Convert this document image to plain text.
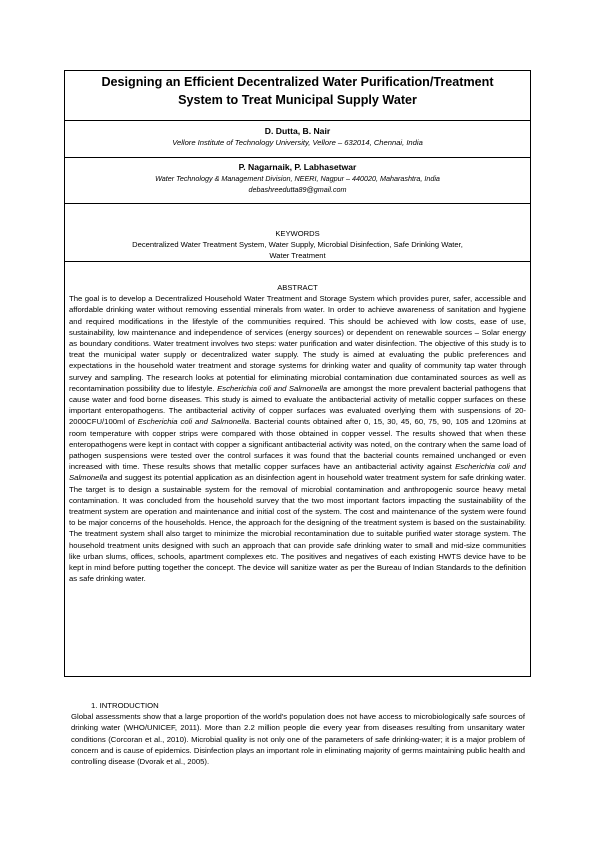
Designing an Efficient Decentralized Water Purification/Treatment
System to Treat Municipal Supply Water
D. Dutta, B. Nair
Vellore Institute of Technology University, Vellore – 632014, Chennai, India
P. Nagarnaik, P. Labhasetwar
Water Technology & Management Division, NEERI, Nagpur – 440020, Maharashtra, India
debashreedutta89@gmail.com
KEYWORDS
Decentralized Water Treatment System, Water Supply, Microbial Disinfection, Safe Drinking Water,
Water Treatment
ABSTRACT

The goal is to develop a Decentralized Household Water Treatment and Storage System which provides purer, safer, accessible and affordable drinking water without removing essential minerals from water. In order to achieve awareness of sanitation and hygiene and required modifications in the lifestyle of the communities required. This should be achieved with low costs, ease of use, sustainability, low maintenance and independence of services (energy sources) or dependent on renewable sources – Solar energy as boundary conditions. Water treatment involves two steps: water purification and water disinfection. The objective of this study is to treat the municipal water supply or decentralized water supply. The study is aimed at evaluating the public preferences and expectations in the household water treatment and storage systems for drinking water and quality of community tap water through survey and sampling. The research looks at potential for eliminating microbial contamination due contaminated sources as well as recontamination possibility due to lifestyle. Escherichia coli and Salmonella are amongst the more prevalent bacterial pathogens that cause water and food borne diseases. This study is aimed to evaluate the antibacterial activity of metallic copper surfaces on these important enteropathogens. The antibacterial activity of copper surfaces was evaluated overlying them with suspensions of 20-2000CFU/100ml of Escherichia coli and Salmonella. Bacterial counts obtained after 0, 15, 30, 45, 60, 75, 90, 105 and 120mins at room temperature with copper strips were compared with those obtained in copper vessel. The results showed that when these enteropathogens were kept in contact with copper a significant antibacterial activity was noted, on the contrary when the same load of pathogen suspensions were tested over the control surfaces it was found that the bacterial counts remained unchanged or even increased with time. These results shows that metallic copper surfaces have an antibacterial activity against Escherichia coli and Salmonella and suggest its potential application as an disinfection agent in household water treatment system for safe drinking water. The target is to design a sustainable system for the removal of microbial contamination and anthropogenic source heavy metal contamination. It was concluded from the household survey that the two most important factors impacting the sustainability of the treatment system are operation and maintenance and initial cost of the system. The cost and maintenance of the system were found to be major concerns of the households. Hence, the approach for the designing of the treatment system is based on the sustainability. The treatment system shall also target to minimize the microbial recontamination due to suitable purified water storage system. The household treatment units designed with such an approach that can provide safe drinking water to small and mid-size communities like urban slums, offices, schools, apartment complexes etc. The positives and negatives of each existing HWTS device have to be kept in mind before putting together the concept. The device will sanitize water as per the Bureau of Indian Standards to the definition as safe drinking water.

1. INTRODUCTION

Global assessments show that a large proportion of the world's population does not have access to microbiologically safe sources of drinking water (WHO/UNICEF, 2011). More than 2.2 million people die every year from diseases resulting from unsanitary water conditions (Corcoran et al., 2010). Microbial quality is not only one of the parameters of safe drinking-water; it is a major problem of concern and is cause of epidemics. Disinfection plays an important role in eliminating majority of germs maintaining public health and controlling disease (Dvorak et al., 2005).
